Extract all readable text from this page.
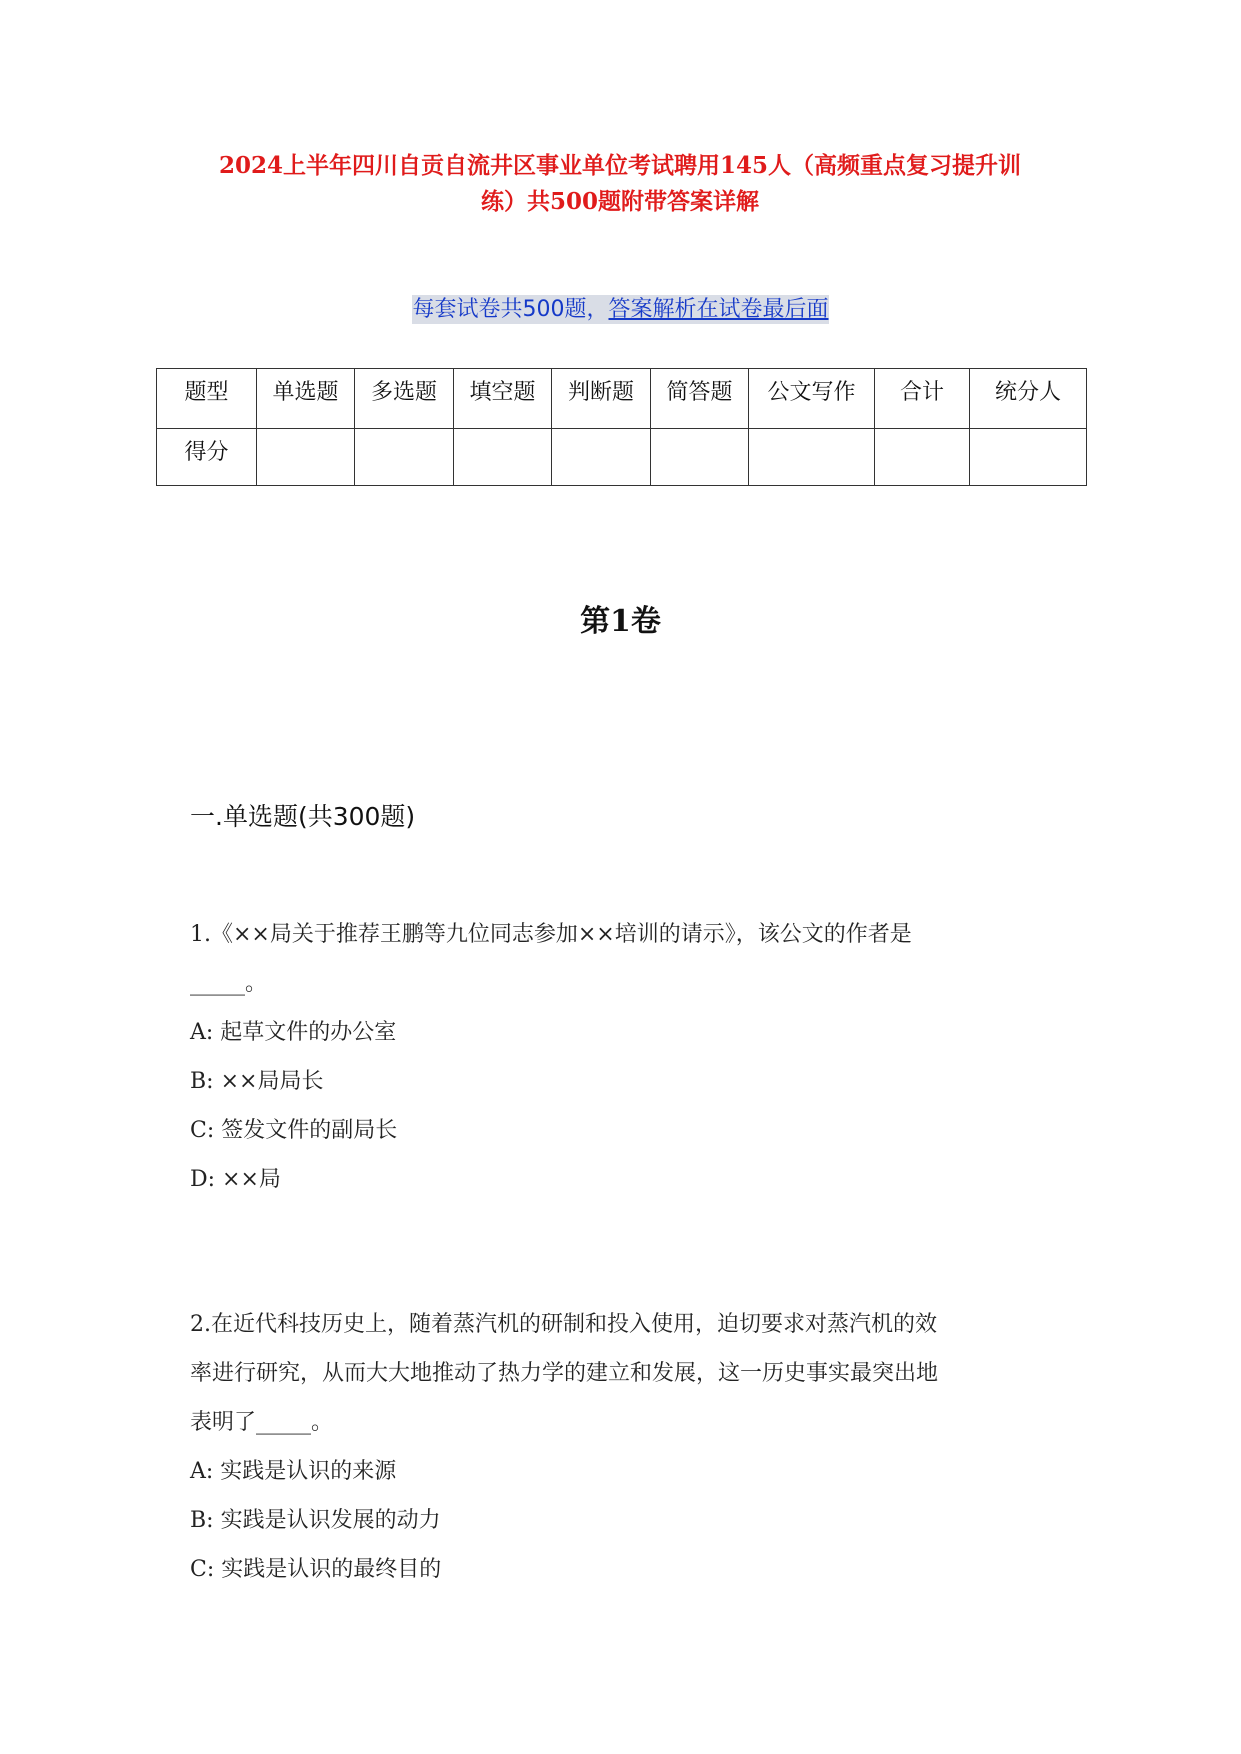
2024上半年四川自贡自流井区事业单位考试聘用145人（高频重点复习提升训
练）共500题附带答案详解
每套试卷共500题，答案解析在试卷最后面
题型	单选题	多选题	填空题	判断题	简答题	公文写作	合计	统分人
得分								
第1卷
一.单选题(共300题)
1.《××局关于推荐王鹏等九位同志参加××培训的请示》，该公文的作者是
_____。
A: 起草文件的办公室
B: ××局局长
C: 签发文件的副局长
D: ××局
2.在近代科技历史上，随着蒸汽机的研制和投入使用，迫切要求对蒸汽机的效
率进行研究，从而大大地推动了热力学的建立和发展，这一历史事实最突出地
表明了_____。
A: 实践是认识的来源
B: 实践是认识发展的动力
C: 实践是认识的最终目的
